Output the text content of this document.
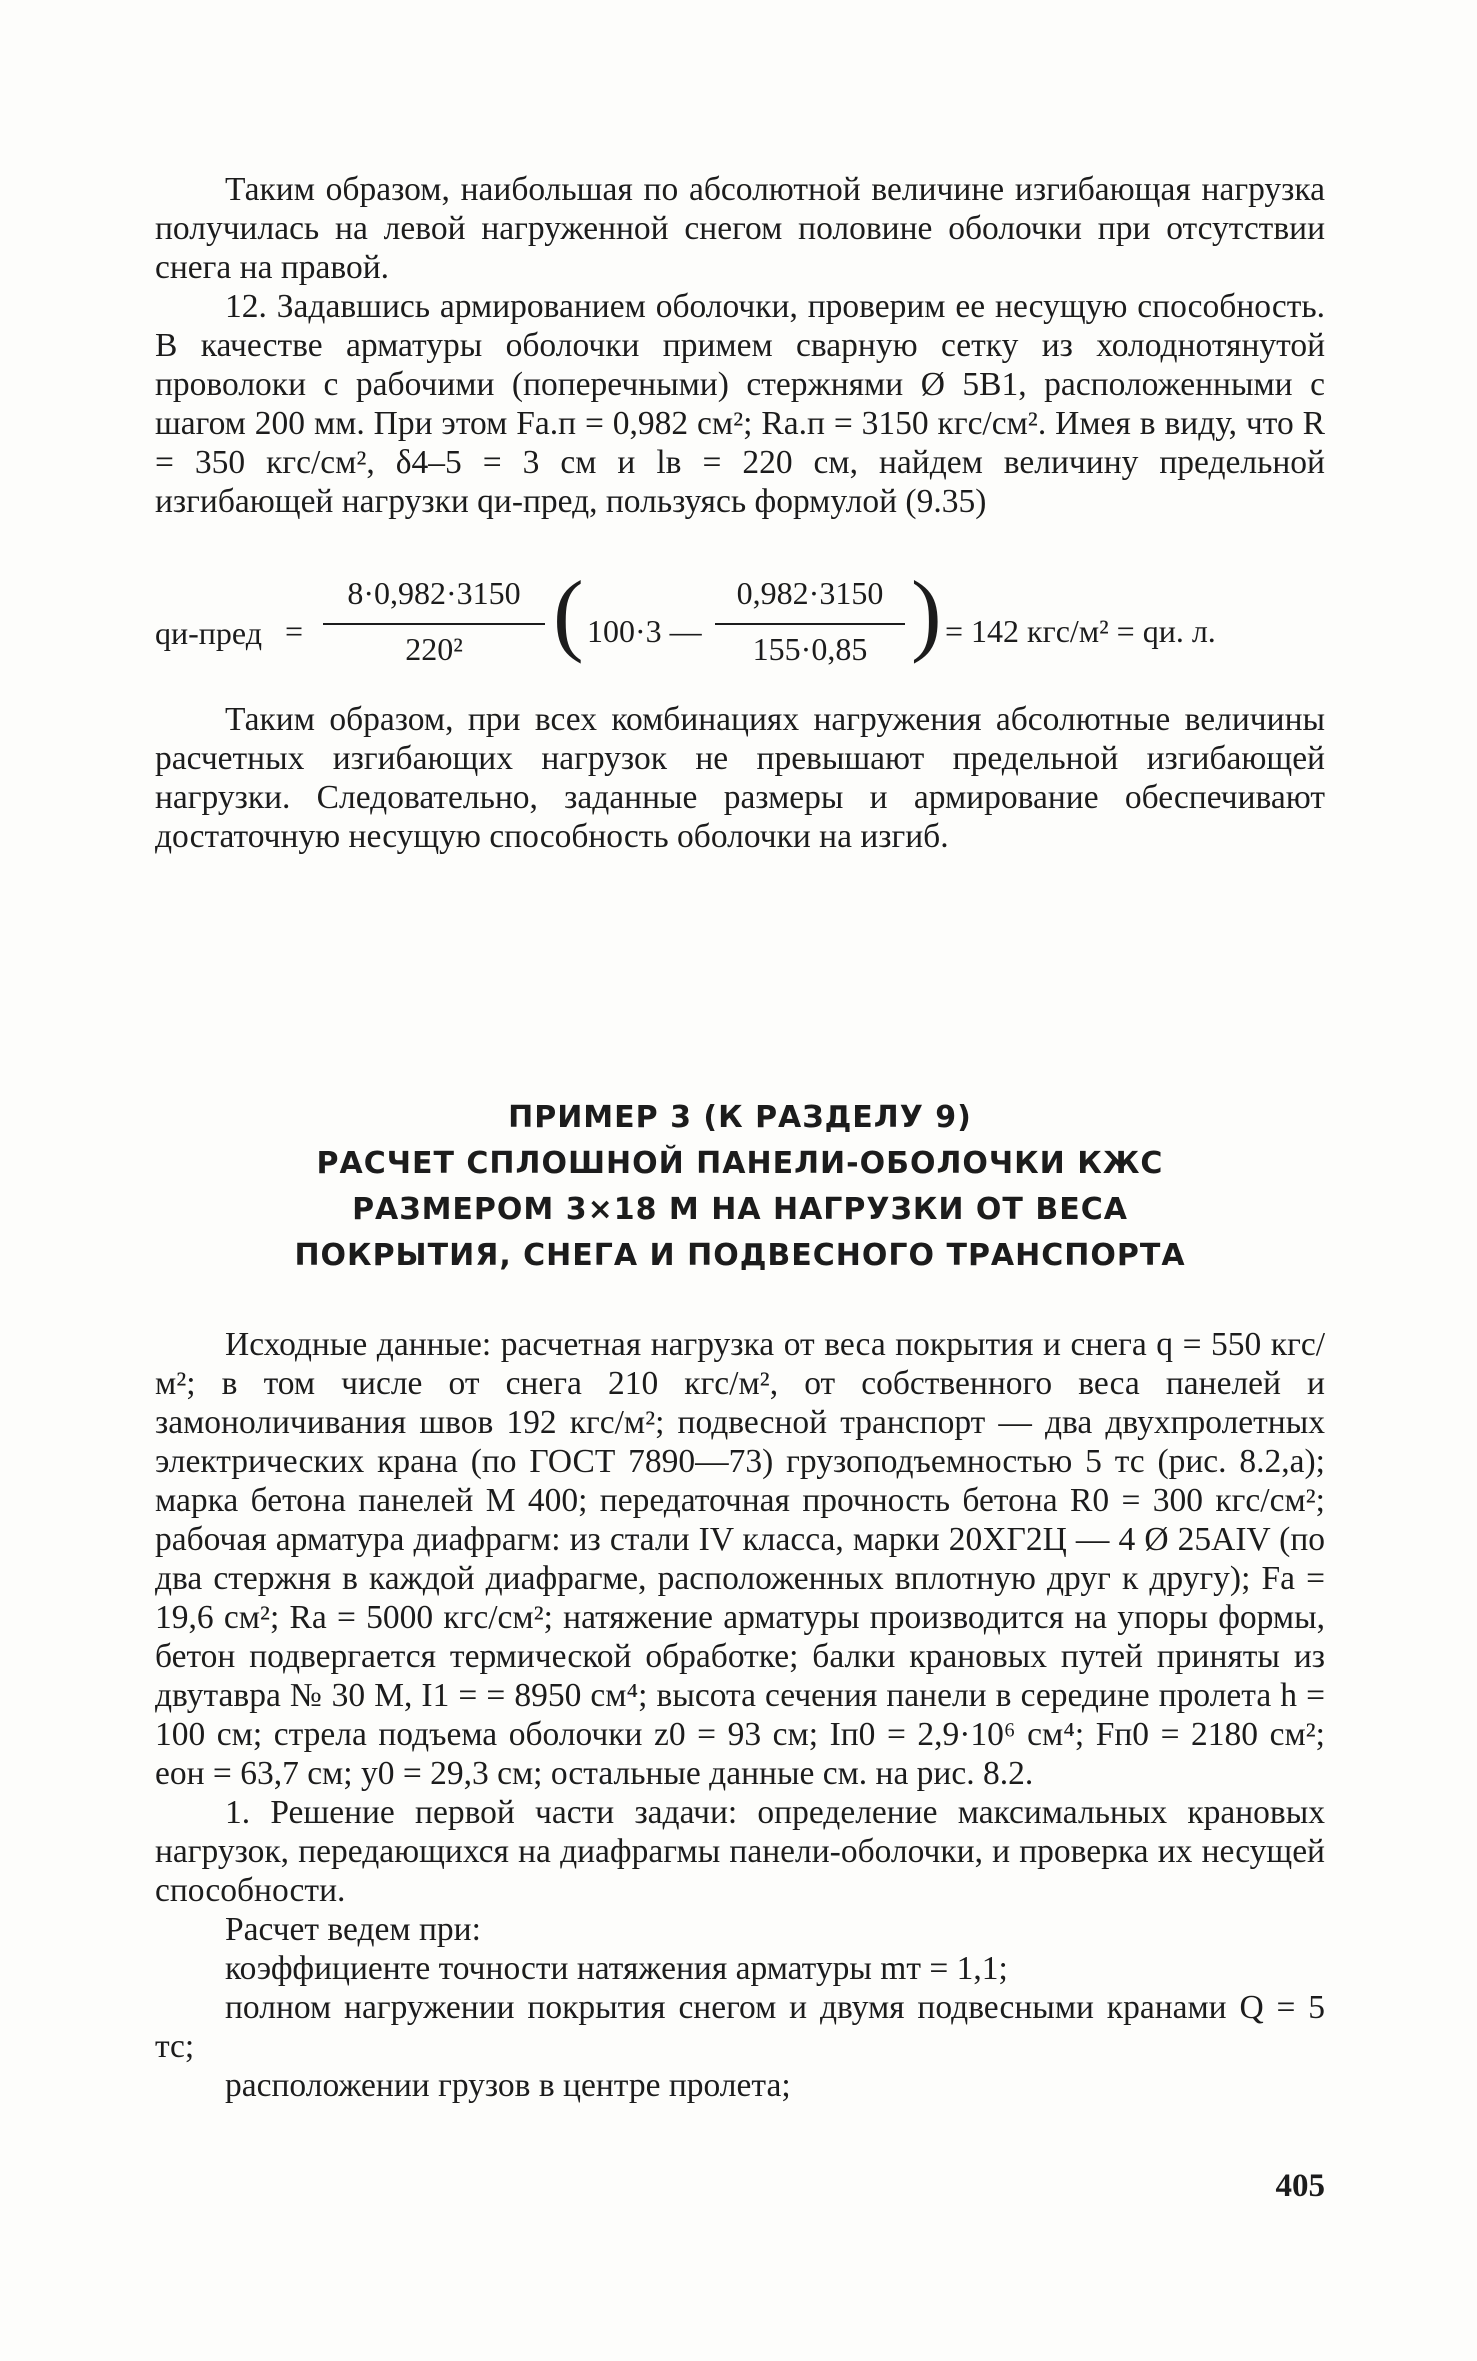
Таким образом, наибольшая по абсолютной величине изгибающая нагрузка получилась на левой нагруженной снегом половине оболочки при отсутствии снега на правой.

12. Задавшись армированием оболочки, проверим ее несущую способность. В качестве арматуры оболочки примем сварную сетку из холоднотянутой проволоки с рабочими (поперечными) стержнями Ø 5B1, расположенными с шагом 200 мм. При этом Fа.п = 0,982 см²; Rа.п = 3150 кгс/см². Имея в виду, что R = 350 кгс/см², δ4–5 = 3 см и lв = 220 см, найдем величину предельной изгибающей нагрузки qи-пред, пользуясь формулой (9.35)

qи-пред =
8·0,982·3150
220² ( 100·3 —
0,982·3150
155·0,85 ) = 142 кгс/м² = qи. л.

Таким образом, при всех комбинациях нагружения абсолютные величины расчетных изгибающих нагрузок не превышают предельной изгибающей нагрузки. Следовательно, заданные размеры и армирование обеспечивают достаточную несущую способность оболочки на изгиб.

ПРИМЕР 3 (К РАЗДЕЛУ 9)
РАСЧЕТ СПЛОШНОЙ ПАНЕЛИ-ОБОЛОЧКИ КЖС
РАЗМЕРОМ 3×18 М НА НАГРУЗКИ ОТ ВЕСА
ПОКРЫТИЯ, СНЕГА И ПОДВЕСНОГО ТРАНСПОРТА

Исходные данные: расчетная нагрузка от веса покрытия и снега q = 550 кгс/м²; в том числе от снега 210 кгс/м², от собственного веса панелей и замоноличивания швов 192 кгс/м²; подвесной транспорт — два двухпролетных электрических крана (по ГОСТ 7890—73) грузоподъемностью 5 тс (рис. 8.2,а); марка бетона панелей М 400; передаточная прочность бетона R0 = 300 кгс/см²; рабочая арматура диафрагм: из стали IV класса, марки 20ХГ2Ц — 4 Ø 25AIV (по два стержня в каждой диафрагме, расположенных вплотную друг к другу); Fа = 19,6 см²; Rа = 5000 кгс/см²; натяжение арматуры производится на упоры формы, бетон подвергается термической обработке; балки крановых путей приняты из двутавра № 30 М, I1 = = 8950 см⁴; высота сечения панели в середине пролета h = 100 см; стрела подъема оболочки z0 = 93 см; Iп0 = 2,9·10⁶ см⁴; Fп0 = 2180 см²; eон = 63,7 см; y0 = 29,3 см; остальные данные см. на рис. 8.2.

1. Решение первой части задачи: определение максимальных крановых нагрузок, передающихся на диафрагмы панели-оболочки, и проверка их несущей способности.

Расчет ведем при:

коэффициенте точности натяжения арматуры mт = 1,1;

полном нагружении покрытия снегом и двумя подвесными кранами Q = 5 тс;

расположении грузов в центре пролета;

405
